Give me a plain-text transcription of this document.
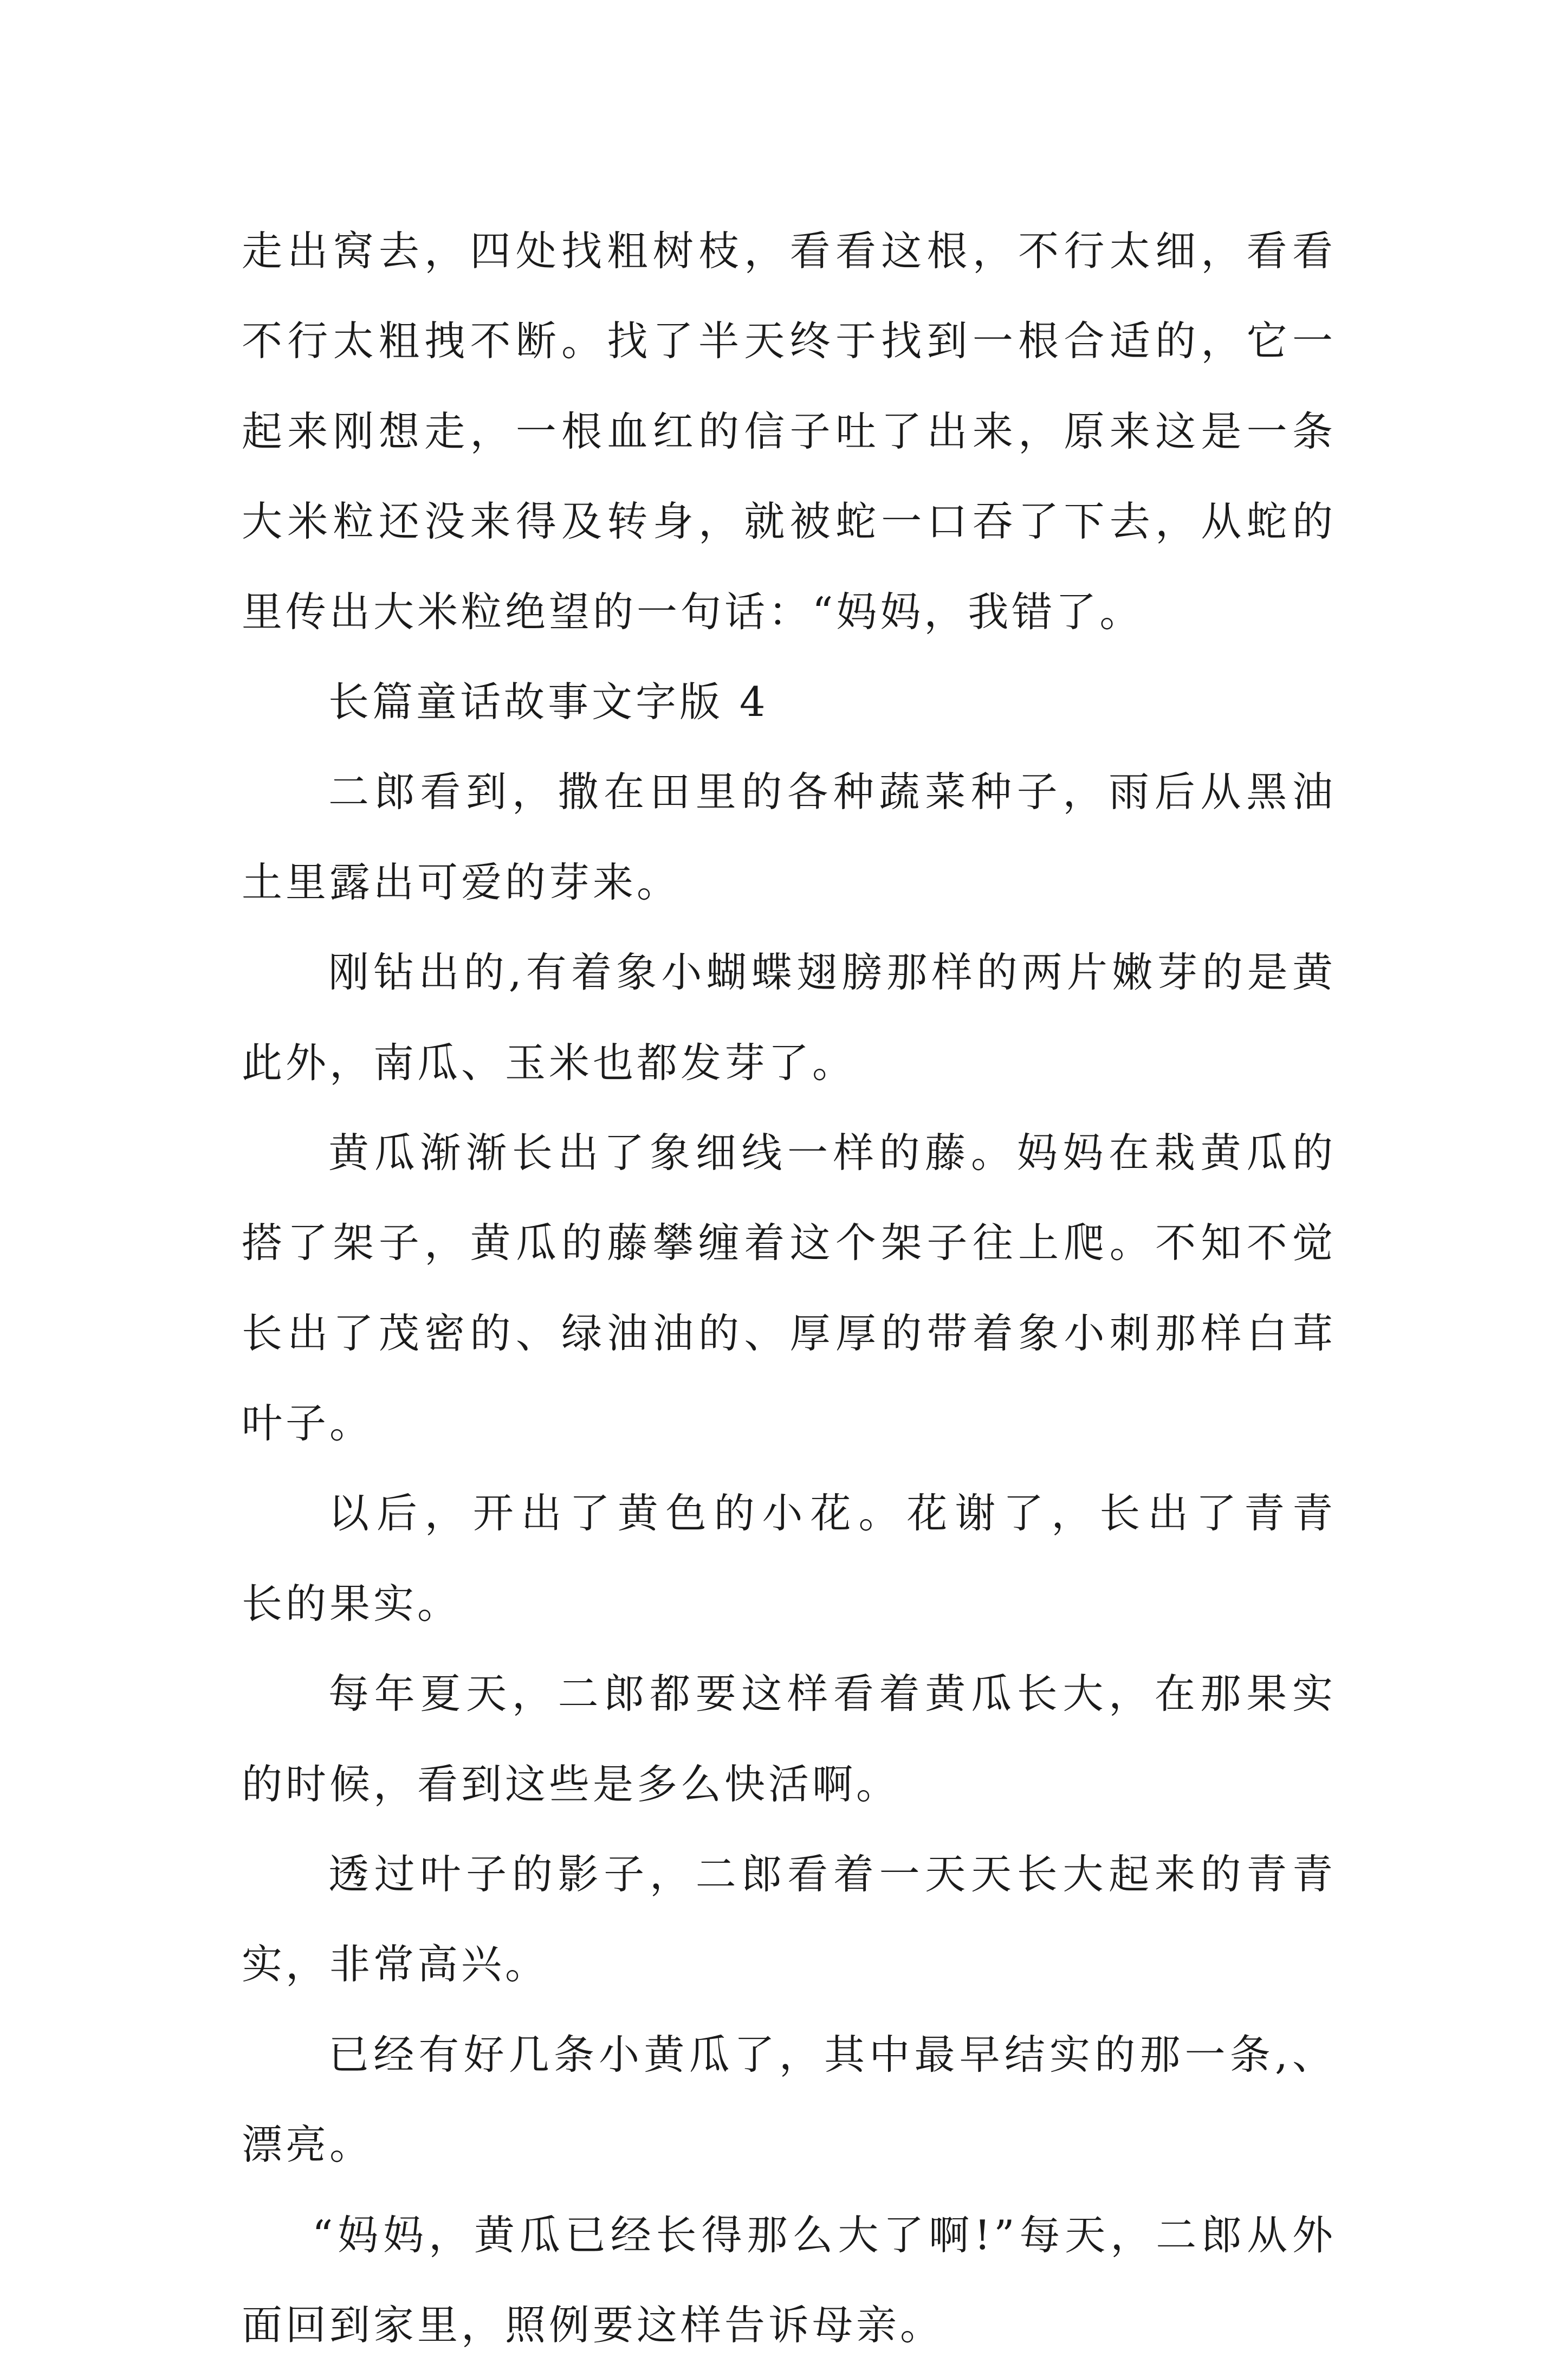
走出窝去，四处找粗树枝，看看这根，不行太细，看看
不行太粗拽不断。找了半天终于找到一根合适的，它一
起来刚想走，一根血红的信子吐了出来，原来这是一条
大米粒还没来得及转身，就被蛇一口吞了下去，从蛇的
里传出大米粒绝望的一句话：“妈妈，我错了。
长篇童话故事文字版 4
二郎看到，撒在田里的各种蔬菜种子，雨后从黑油
土里露出可爱的芽来。
刚钻出的,有着象小蝴蝶翅膀那样的两片嫩芽的是黄
此外，南瓜、玉米也都发芽了。
黄瓜渐渐长出了象细线一样的藤。妈妈在栽黄瓜的
搭了架子，黄瓜的藤攀缠着这个架子往上爬。不知不觉
长出了茂密的、绿油油的、厚厚的带着象小刺那样白茸
叶子。
以后，开出了黄色的小花。花谢了，长出了青青
长的果实。
每年夏天，二郎都要这样看着黄瓜长大，在那果实
的时候，看到这些是多么快活啊。
透过叶子的影子，二郎看着一天天长大起来的青青
实，非常高兴。
已经有好几条小黄瓜了，其中最早结实的那一条,、
漂亮。
“妈妈，黄瓜已经长得那么大了啊!”每天，二郎从外
面回到家里，照例要这样告诉母亲。
